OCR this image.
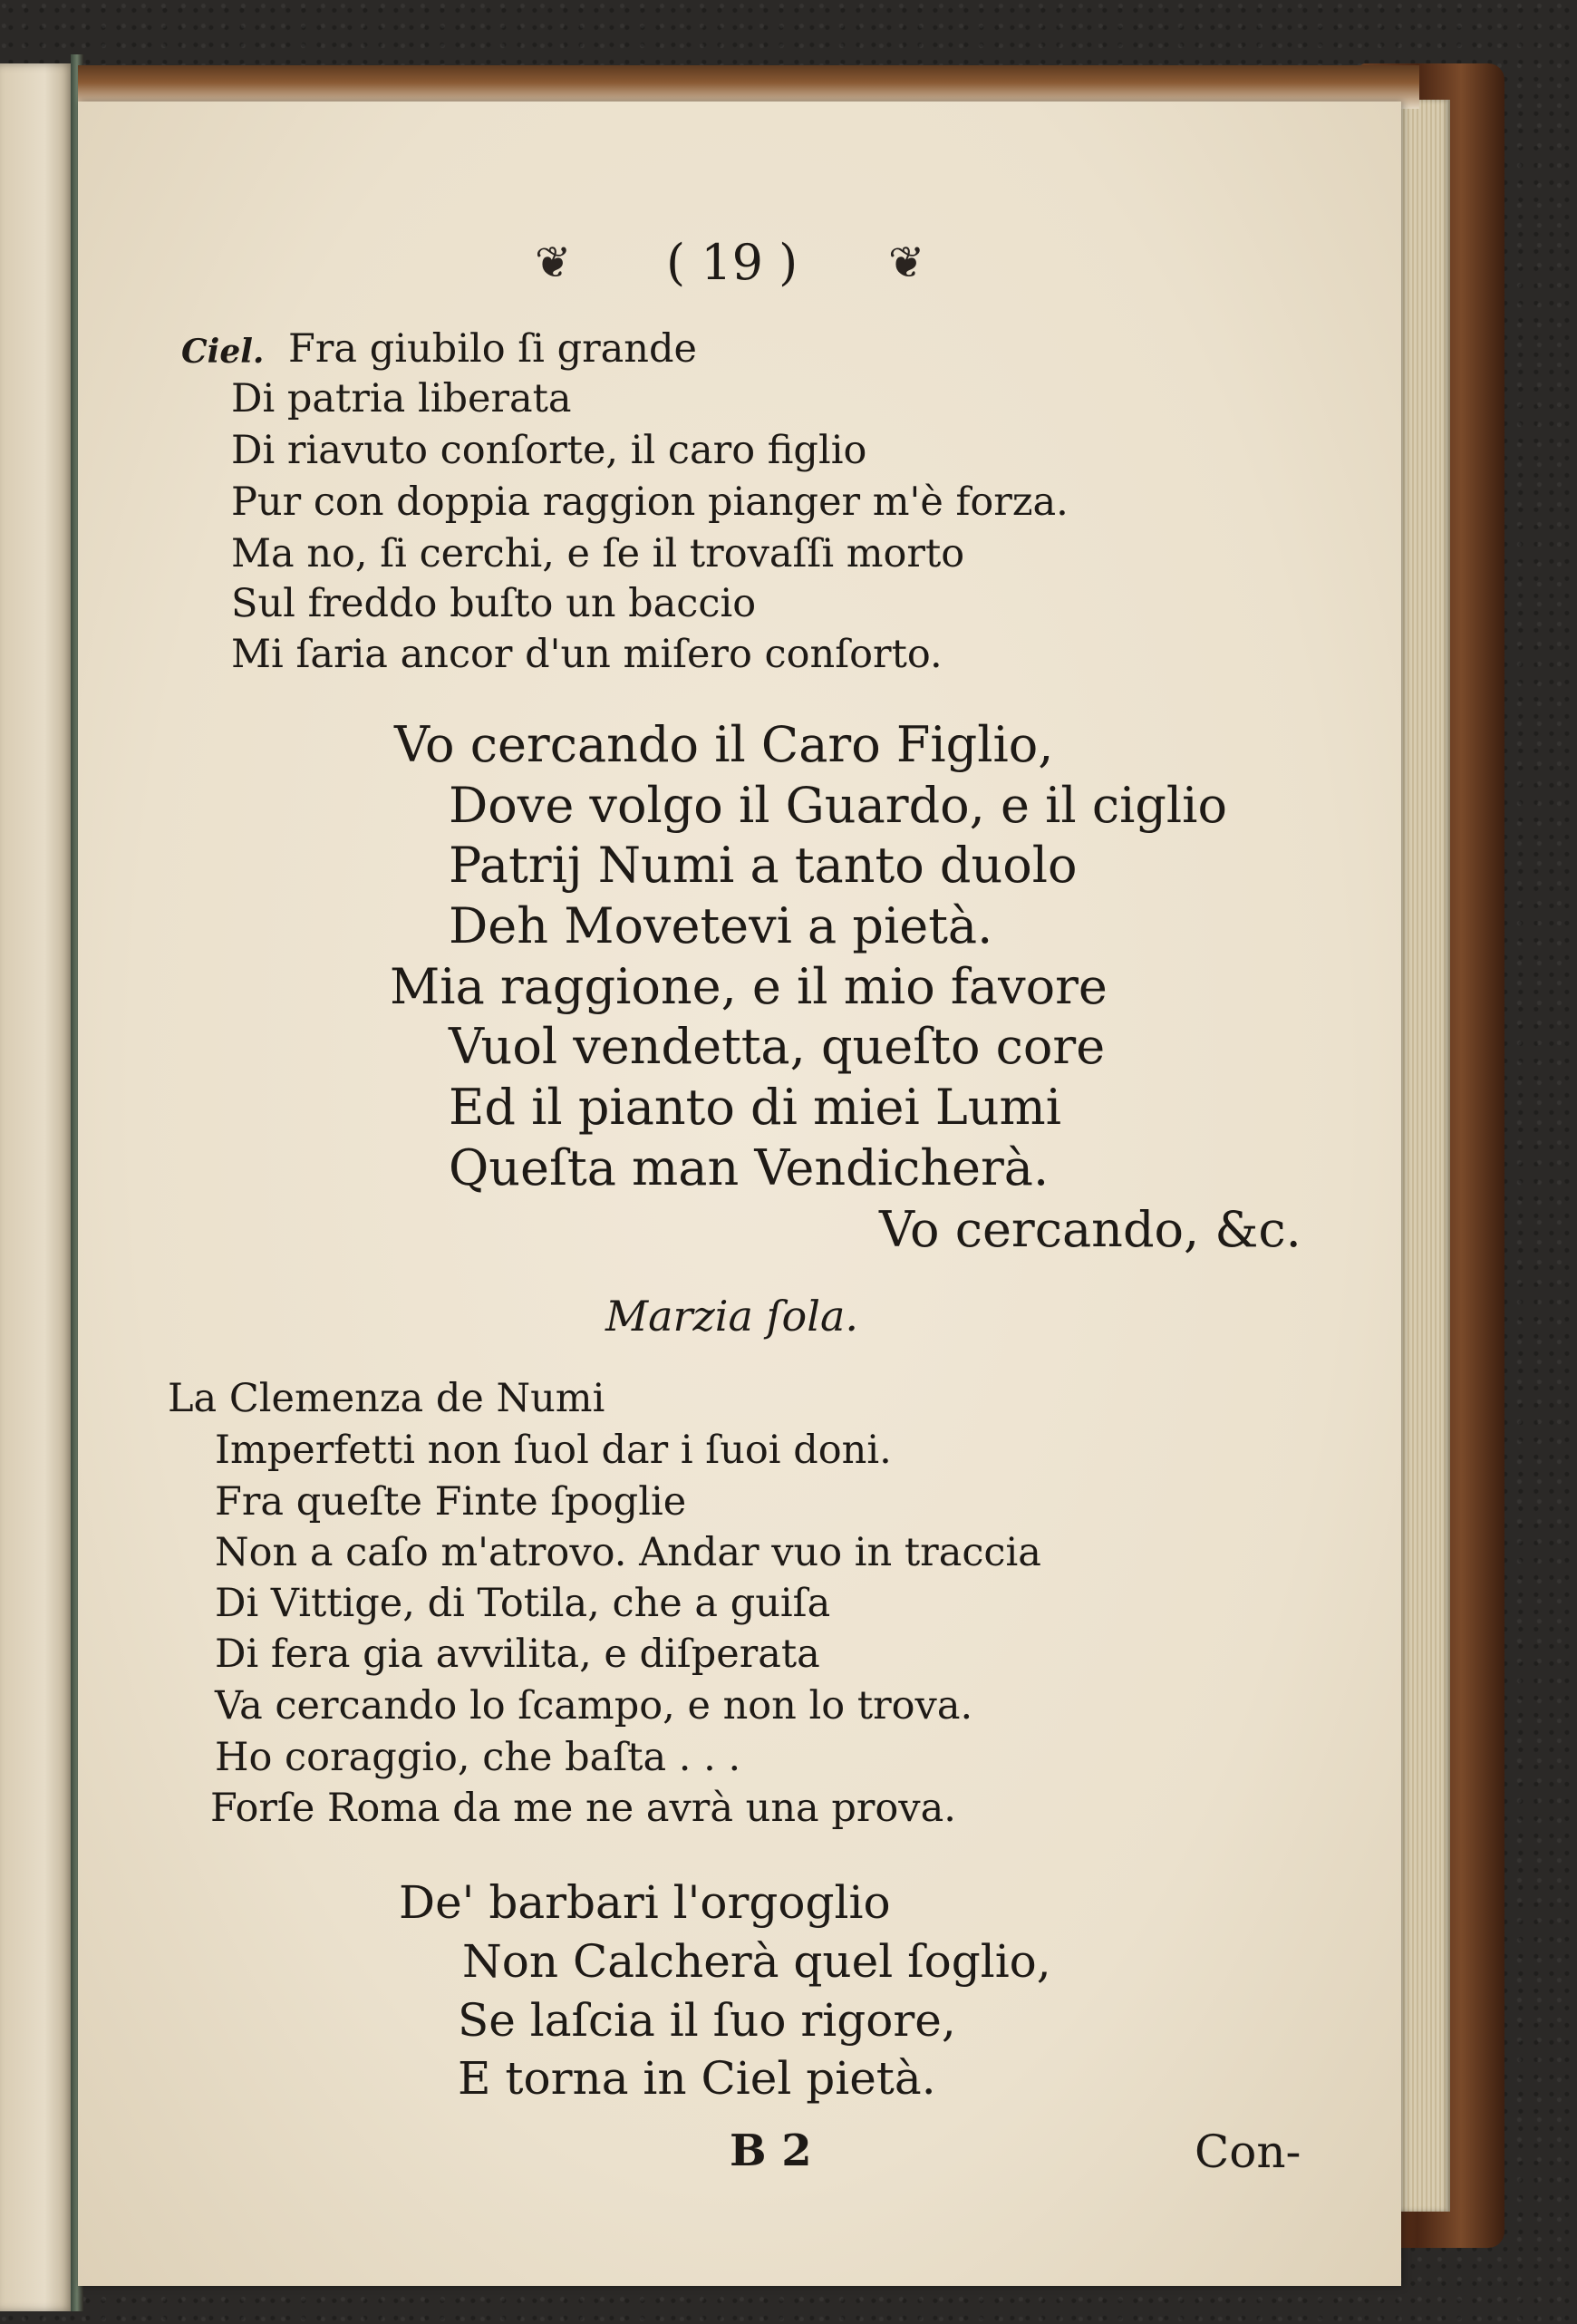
❦ ( 19 ) ❦
Ciel. Fra giubilo ſi grande
Di patria liberata
Di riavuto conſorte, il caro figlio
Pur con doppia raggion pianger m'è forza.
Ma no, ſi cerchi, e ſe il trovaſſi morto
Sul freddo buſto un baccio
Mi ſaria ancor d'un miſero conſorto.
Vo cercando il Caro Figlio,
Dove volgo il Guardo, e il ciglio
Patrij Numi a tanto duolo
Deh Movetevi a pietà.
Mia raggione, e il mio favore
Vuol vendetta, queſto core
Ed il pianto di miei Lumi
Queſta man Vendicherà.
Vo cercando, &c.
Marzia ſola.
La Clemenza de Numi
Imperfetti non ſuol dar i ſuoi doni.
Fra queſte Finte ſpoglie
Non a caſo m'atrovo. Andar vuo in traccia
Di Vittige, di Totila, che a guiſa
Di fera gia avvilita, e diſperata
Va cercando lo ſcampo, e non lo trova.
Ho coraggio, che baſta . . .
Forſe Roma da me ne avrà una prova.
De' barbari l'orgoglio
Non Calcherà quel ſoglio,
Se laſcia il ſuo rigore,
E torna in Ciel pietà.
B 2	Con-
